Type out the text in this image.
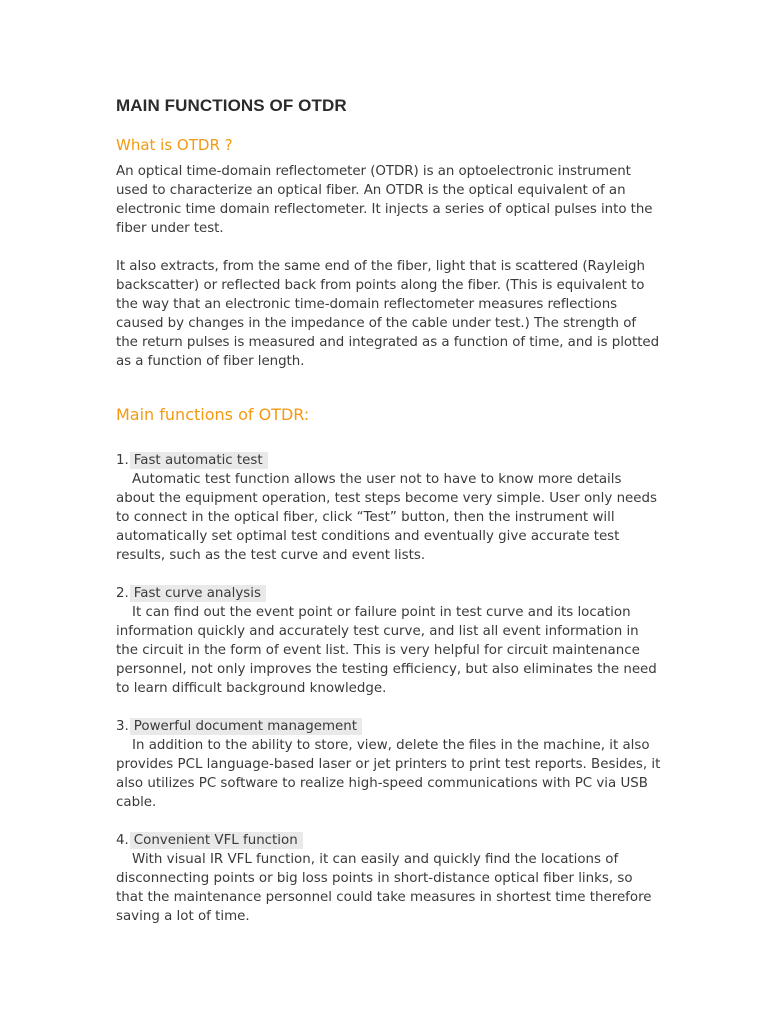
MAIN FUNCTIONS OF OTDR
What is OTDR ?

An optical time-domain reflectometer (OTDR) is an optoelectronic instrument used to characterize an optical fiber. An OTDR is the optical equivalent of an electronic time domain reflectometer. It injects a series of optical pulses into the fiber under test.

It also extracts, from the same end of the fiber, light that is scattered (Rayleigh backscatter) or reflected back from points along the fiber. (This is equivalent to the way that an electronic time-domain reflectometer measures reflections caused by changes in the impedance of the cable under test.) The strength of the return pulses is measured and integrated as a function of time, and is plotted as a function of fiber length.

Main functions of OTDR:
1. Fast automatic test

Automatic test function allows the user not to have to know more details about the equipment operation, test steps become very simple. User only needs to connect in the optical fiber, click “Test” button, then the instrument will automatically set optimal test conditions and eventually give accurate test results, such as the test curve and event lists.

2. Fast curve analysis

It can find out the event point or failure point in test curve and its location information quickly and accurately test curve, and list all event information in the circuit in the form of event list. This is very helpful for circuit maintenance personnel, not only improves the testing efficiency, but also eliminates the need to learn difficult background knowledge.

3. Powerful document management

In addition to the ability to store, view, delete the files in the machine, it also provides PCL language-based laser or jet printers to print test reports. Besides, it also utilizes PC software to realize high-speed communications with PC via USB cable.

4. Convenient VFL function

With visual IR VFL function, it can easily and quickly find the locations of disconnecting points or big loss points in short-distance optical fiber links, so that the maintenance personnel could take measures in shortest time therefore saving a lot of time.
